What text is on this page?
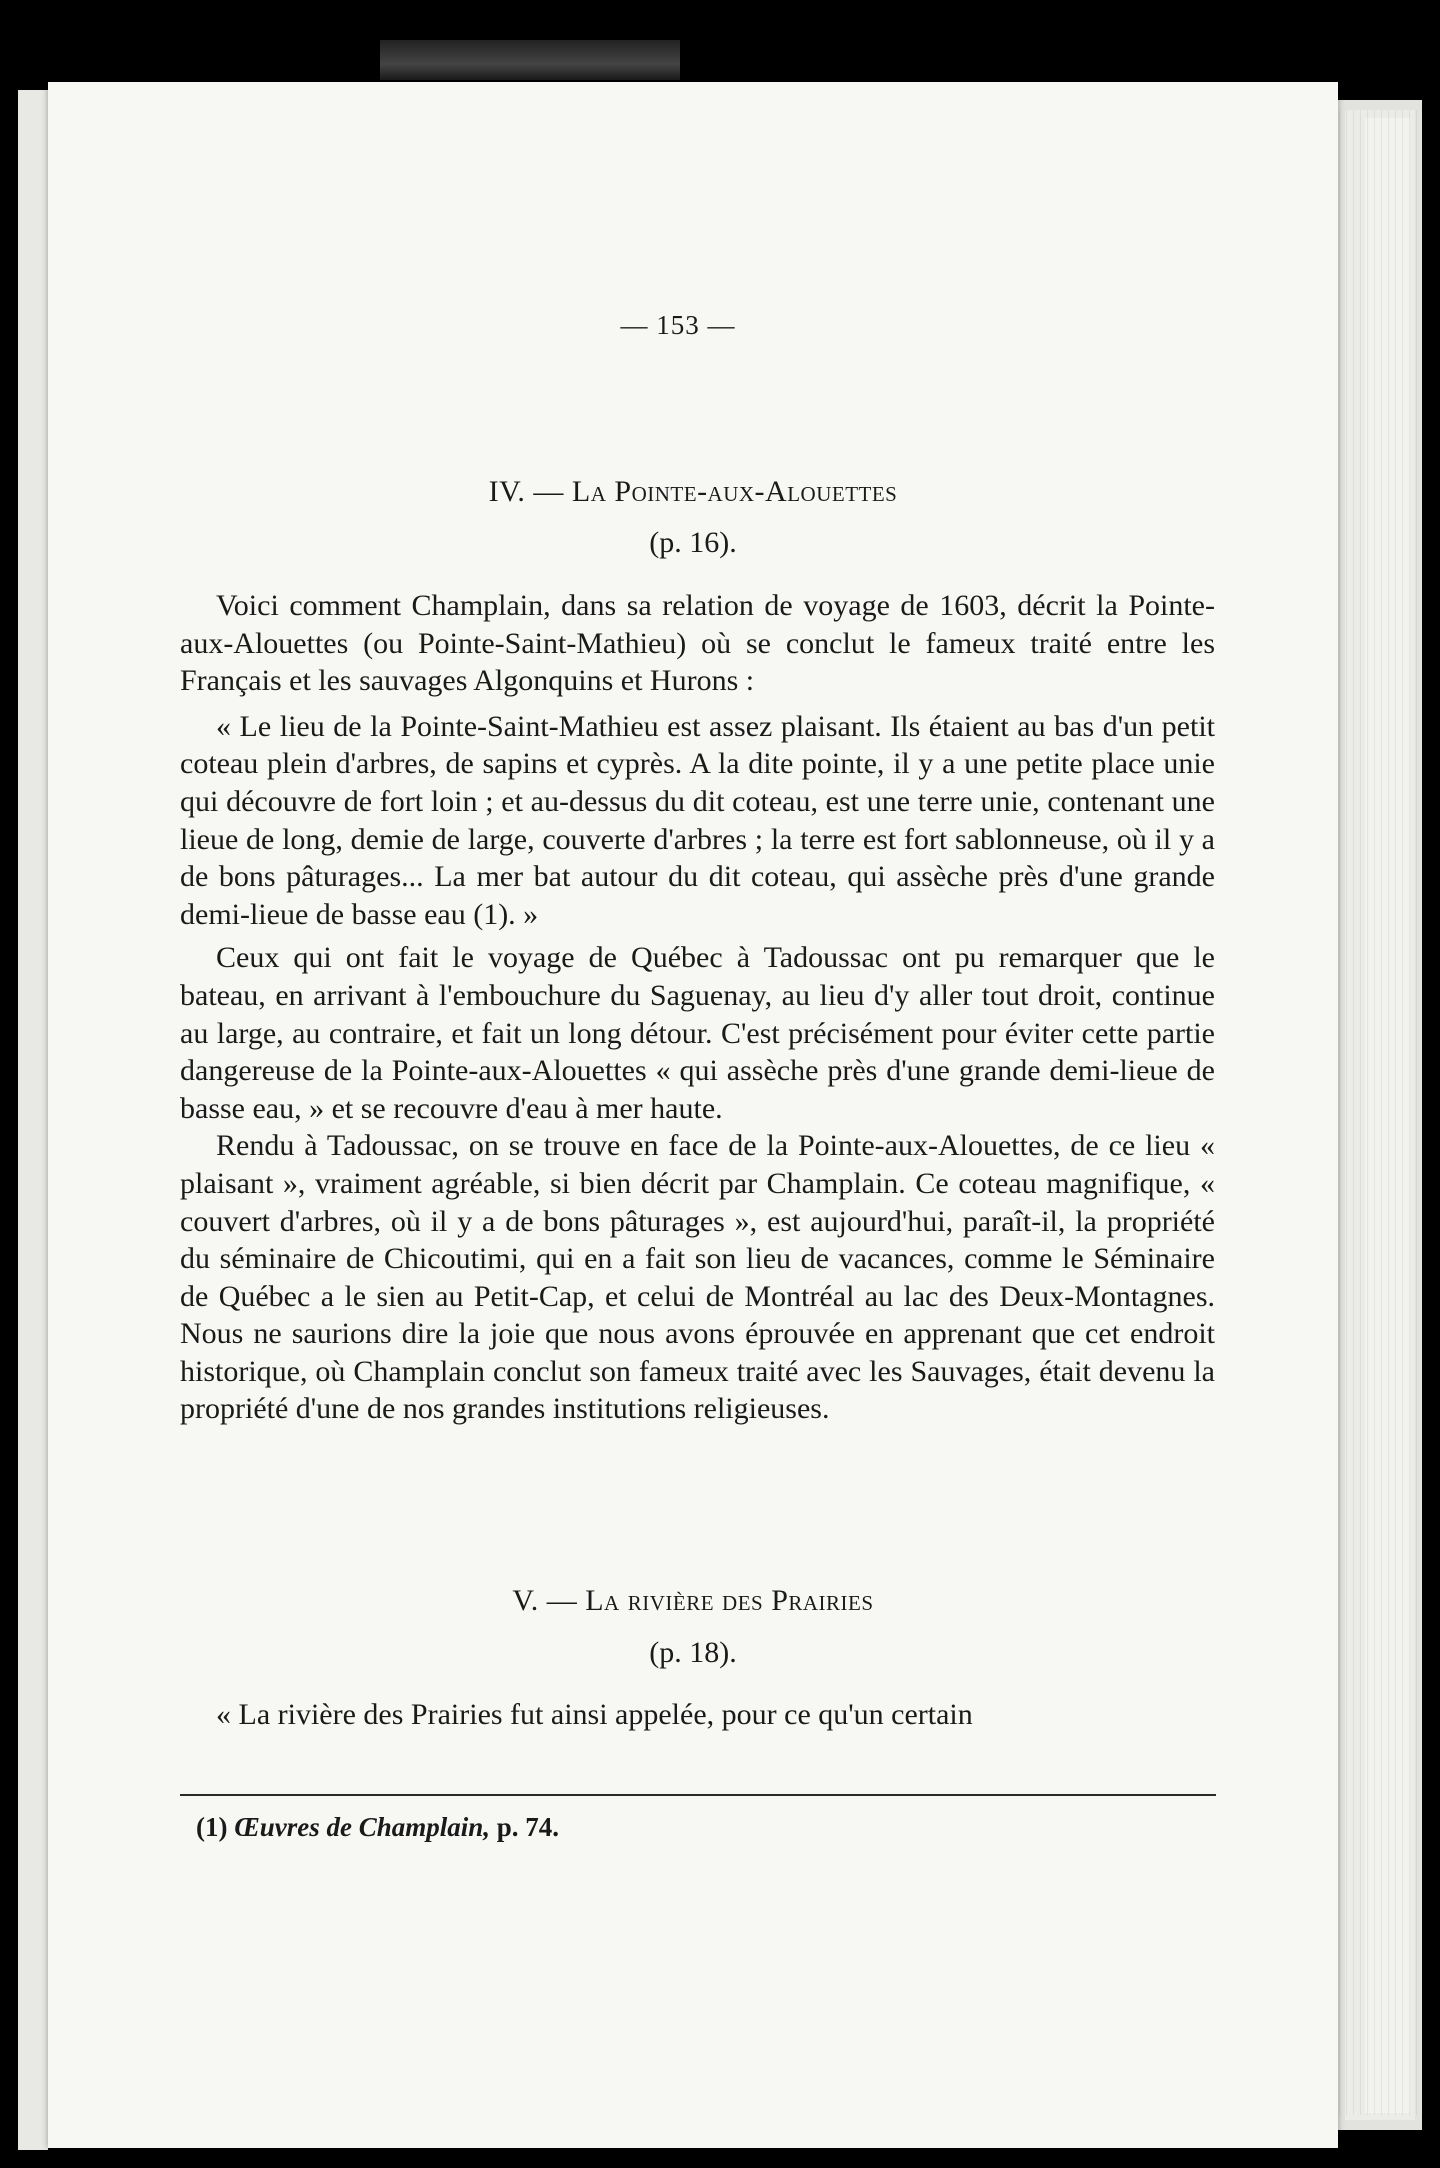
— 153 —
IV. — La Pointe-aux-Alouettes
(p. 16).

Voici comment Champlain, dans sa relation de voyage de 1603, décrit la Pointe-aux-Alouettes (ou Pointe-Saint-Mathieu) où se conclut le fameux traité entre les Français et les sauvages Algonquins et Hurons :

« Le lieu de la Pointe-Saint-Mathieu est assez plaisant. Ils étaient au bas d'un petit coteau plein d'arbres, de sapins et cyprès. A la dite pointe, il y a une petite place unie qui découvre de fort loin ; et au-dessus du dit coteau, est une terre unie, contenant une lieue de long, demie de large, couverte d'arbres ; la terre est fort sablonneuse, où il y a de bons pâturages... La mer bat autour du dit coteau, qui assèche près d'une grande demi-lieue de basse eau (1). »

Ceux qui ont fait le voyage de Québec à Tadoussac ont pu remarquer que le bateau, en arrivant à l'embouchure du Saguenay, au lieu d'y aller tout droit, continue au large, au contraire, et fait un long détour. C'est précisément pour éviter cette partie dangereuse de la Pointe-aux-Alouettes « qui assèche près d'une grande demi-lieue de basse eau, » et se recouvre d'eau à mer haute.

Rendu à Tadoussac, on se trouve en face de la Pointe-aux-Alouettes, de ce lieu « plaisant », vraiment agréable, si bien décrit par Champlain. Ce coteau magnifique, « couvert d'arbres, où il y a de bons pâturages », est aujourd'hui, paraît-il, la propriété du séminaire de Chicoutimi, qui en a fait son lieu de vacances, comme le Séminaire de Québec a le sien au Petit-Cap, et celui de Montréal au lac des Deux-Montagnes. Nous ne saurions dire la joie que nous avons éprouvée en apprenant que cet endroit historique, où Champlain conclut son fameux traité avec les Sauvages, était devenu la propriété d'une de nos grandes institutions religieuses.

V. — La rivière des Prairies
(p. 18).

« La rivière des Prairies fut ainsi appelée, pour ce qu'un certain

(1) Œuvres de Champlain, p. 74.
